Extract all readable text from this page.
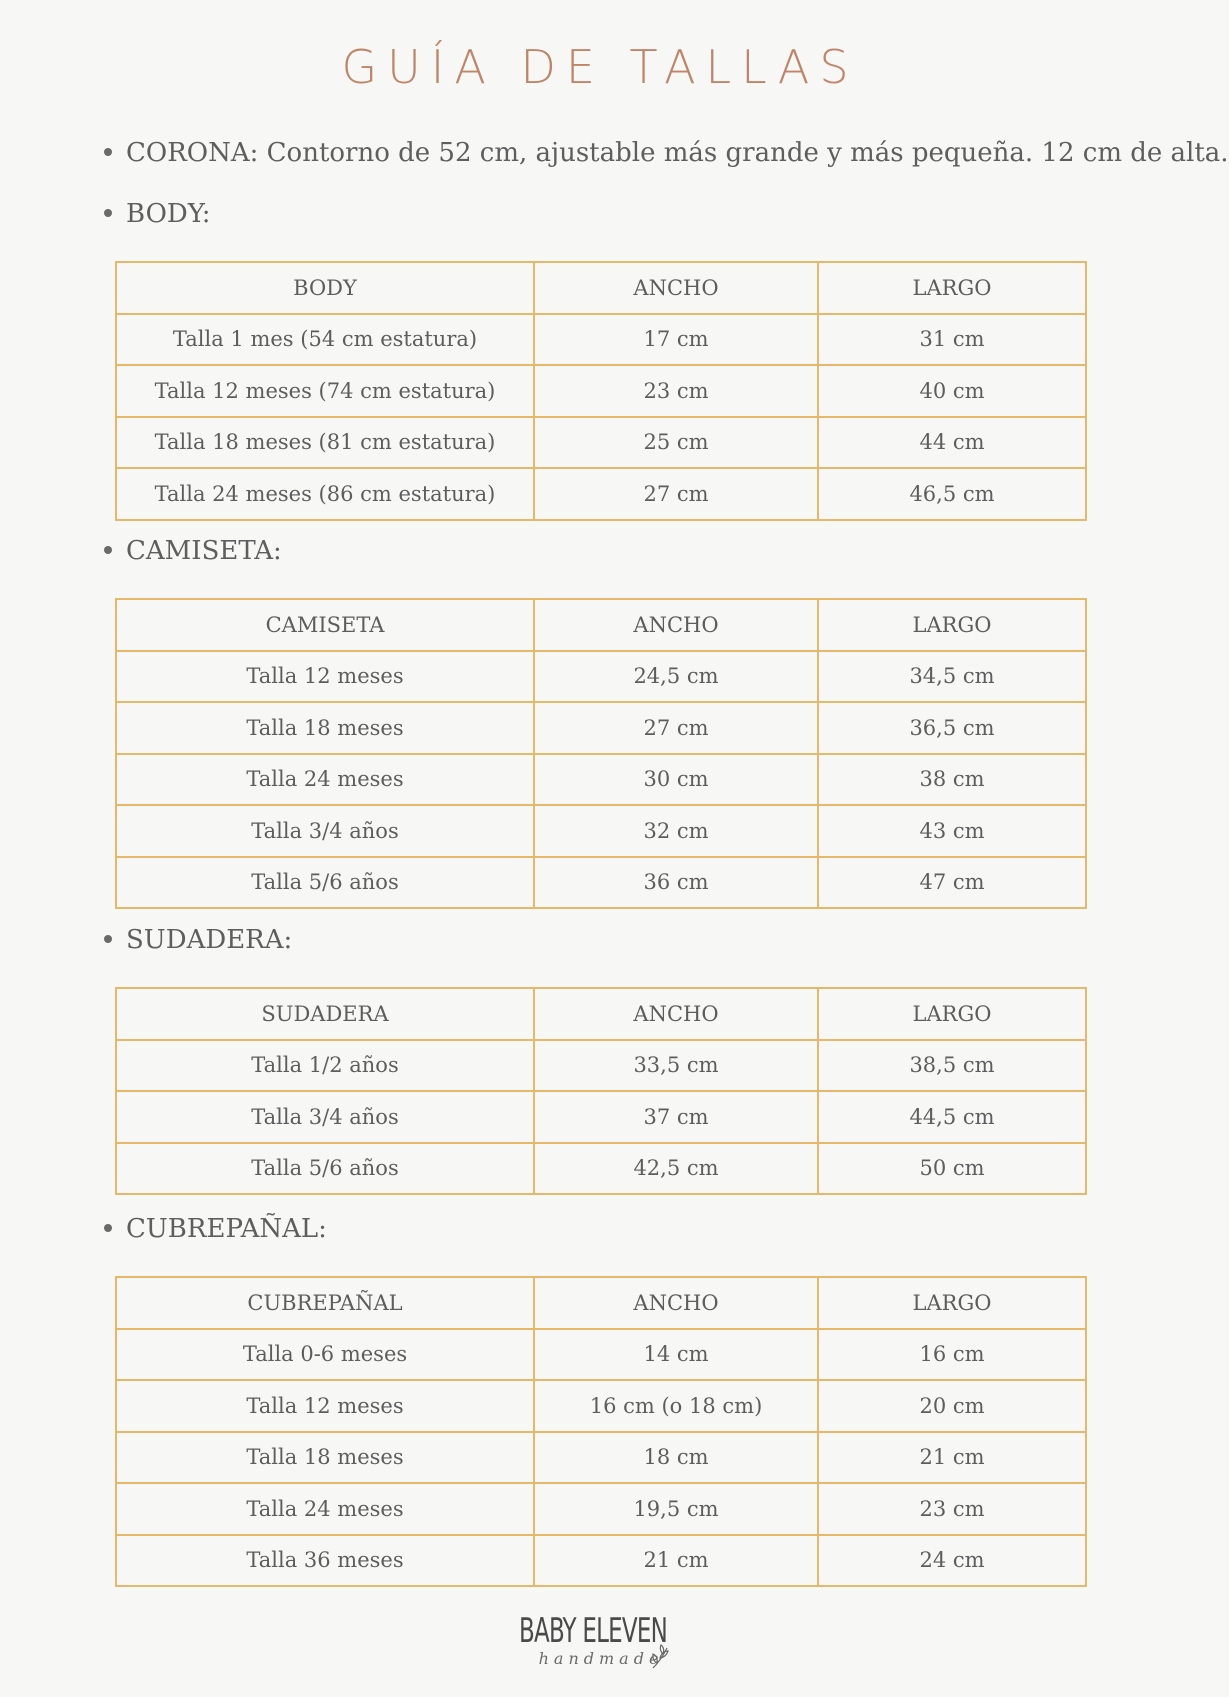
GUÍA DE TALLAS
CORONA: Contorno de 52 cm, ajustable más grande y más pequeña. 12 cm de alta.
BODY:
BODY	ANCHO	LARGO
Talla 1 mes (54 cm estatura)	17 cm	31 cm
Talla 12 meses (74 cm estatura)	23 cm	40 cm
Talla 18 meses (81 cm estatura)	25 cm	44 cm
Talla 24 meses (86 cm estatura)	27 cm	46,5 cm
CAMISETA:
CAMISETA	ANCHO	LARGO
Talla 12 meses	24,5 cm	34,5 cm
Talla 18 meses	27 cm	36,5 cm
Talla 24 meses	30 cm	38 cm
Talla 3/4 años	32 cm	43 cm
Talla 5/6 años	36 cm	47 cm
SUDADERA:
SUDADERA	ANCHO	LARGO
Talla 1/2 años	33,5 cm	38,5 cm
Talla 3/4 años	37 cm	44,5 cm
Talla 5/6 años	42,5 cm	50 cm
CUBREPAÑAL:
CUBREPAÑAL	ANCHO	LARGO
Talla 0-6 meses	14 cm	16 cm
Talla 12 meses	16 cm (o 18 cm)	20 cm
Talla 18 meses	18 cm	21 cm
Talla 24 meses	19,5 cm	23 cm
Talla 36 meses	21 cm	24 cm
BABY ELEVEN
handmade
